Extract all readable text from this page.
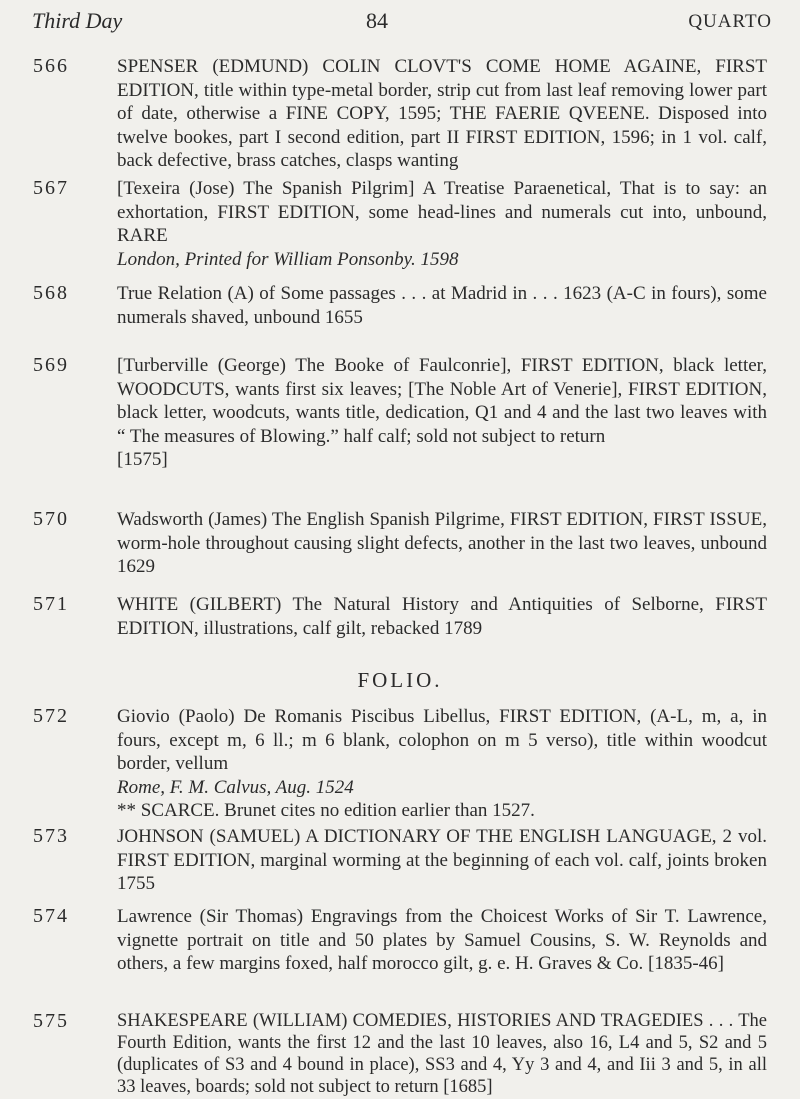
Third Day	84	QUARTO
566	SPENSER (EDMUND) COLIN CLOVT'S COME HOME AGAINE, FIRST EDITION, title within type-metal border, strip cut from last leaf removing lower part of date, otherwise a FINE COPY, 1595; THE FAERIE QVEENE. Disposed into twelve bookes, part I second edition, part II FIRST EDITION, 1596; in 1 vol. calf, back defective, brass catches, clasps wanting
567	[Texeira (Jose) The Spanish Pilgrim] A Treatise Paraenetical, That is to say: an exhortation, FIRST EDITION, some head-lines and numerals cut into, unbound, RARE
London, Printed for William Ponsonby. 1598
568	True Relation (A) of Some passages . . . at Madrid in . . . 1623 (A-C in fours), some numerals shaved, unbound 1655
569	[Turberville (George) The Booke of Faulconrie], FIRST EDITION, black letter, WOODCUTS, wants first six leaves; [The Noble Art of Venerie], FIRST EDITION, black letter, woodcuts, wants title, dedication, Q1 and 4 and the last two leaves with “ The measures of Blowing.” half calf; sold not subject to return
[1575]
570	Wadsworth (James) The English Spanish Pilgrime, FIRST EDITION, FIRST ISSUE, worm-hole throughout causing slight defects, another in the last two leaves, unbound 1629
571	WHITE (GILBERT) The Natural History and Antiquities of Selborne, FIRST EDITION, illustrations, calf gilt, rebacked 1789
FOLIO.
572	Giovio (Paolo) De Romanis Piscibus Libellus, FIRST EDITION, (A-L, m, a, in fours, except m, 6 ll.; m 6 blank, colophon on m 5 verso), title within woodcut border, vellum
Rome, F. M. Calvus, Aug. 1524
** SCARCE. Brunet cites no edition earlier than 1527.
573	JOHNSON (SAMUEL) A DICTIONARY OF THE ENGLISH LANGUAGE, 2 vol. FIRST EDITION, marginal worming at the beginning of each vol. calf, joints broken 1755
574	Lawrence (Sir Thomas) Engravings from the Choicest Works of Sir T. Lawrence, vignette portrait on title and 50 plates by Samuel Cousins, S. W. Reynolds and others, a few margins foxed, half morocco gilt, g. e. H. Graves & Co. [1835-46]
575	SHAKESPEARE (WILLIAM) COMEDIES, HISTORIES AND TRAGEDIES . . . The Fourth Edition, wants the first 12 and the last 10 leaves, also 16, L4 and 5, S2 and 5 (duplicates of S3 and 4 bound in place), SS3 and 4, Yy 3 and 4, and Iii 3 and 5, in all 33 leaves, boards; sold not subject to return [1685]
